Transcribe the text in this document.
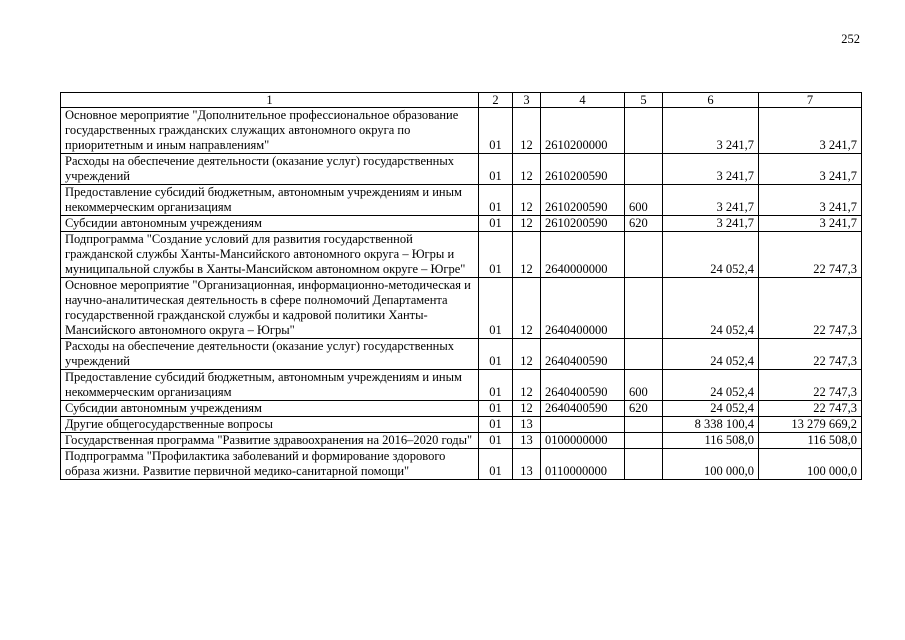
252
1	2	3	4	5	6	7
Основное мероприятие "Дополнительное профессиональное образование государственных гражданских служащих автономного округа по приоритетным и иным направлениям"	01	12	2610200000		3 241,7	3 241,7
Расходы на обеспечение деятельности (оказание услуг) государственных учреждений	01	12	2610200590		3 241,7	3 241,7
Предоставление субсидий бюджетным, автономным учреждениям и иным некоммерческим организациям	01	12	2610200590	600	3 241,7	3 241,7
Субсидии автономным учреждениям	01	12	2610200590	620	3 241,7	3 241,7
Подпрограмма "Создание условий для развития государственной гражданской службы Ханты-Мансийского автономного округа – Югры и муниципальной службы в Ханты-Мансийском автономном округе – Югре"	01	12	2640000000		24 052,4	22 747,3
Основное мероприятие "Организационная, информационно-методическая и научно-аналитическая деятельность в сфере полномочий Департамента государственной гражданской службы и кадровой политики Ханты-Мансийского автономного округа – Югры"	01	12	2640400000		24 052,4	22 747,3
Расходы на обеспечение деятельности (оказание услуг) государственных учреждений	01	12	2640400590		24 052,4	22 747,3
Предоставление субсидий бюджетным, автономным учреждениям и иным некоммерческим организациям	01	12	2640400590	600	24 052,4	22 747,3
Субсидии автономным учреждениям	01	12	2640400590	620	24 052,4	22 747,3
Другие общегосударственные вопросы	01	13			8 338 100,4	13 279 669,2
Государственная программа "Развитие здравоохранения на 2016–2020 годы"	01	13	0100000000		116 508,0	116 508,0
Подпрограмма "Профилактика заболеваний и формирование здорового образа жизни. Развитие первичной медико-санитарной помощи"	01	13	0110000000		100 000,0	100 000,0
